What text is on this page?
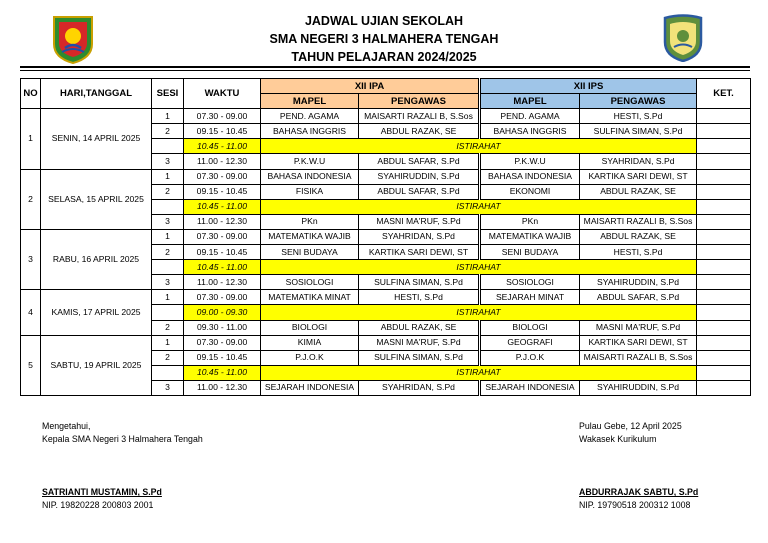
JADWAL UJIAN SEKOLAH
SMA NEGERI 3 HALMAHERA TENGAH
TAHUN PELAJARAN 2024/2025
NO	HARI,TANGGAL	SESI	WAKTU	XII IPA		XII IPS		KET.
				MAPEL	PENGAWAS	MAPEL	PENGAWAS	
1	SENIN, 14 APRIL 2025	1	07.30 - 09.00	PEND. AGAMA	MAISARTI RAZALI B, S.Sos	PEND. AGAMA	HESTI, S.Pd	
		2	09.15 - 10.45	BAHASA INGGRIS	ABDUL RAZAK, SE	BAHASA INGGRIS	SULFINA SIMAN, S.Pd	
			10.45 - 11.00	ISTIRAHAT				
		3	11.00 - 12.30	P.K.W.U	ABDUL SAFAR, S.Pd	P.K.W.U	SYAHRIDAN, S.Pd	
2	SELASA, 15 APRIL 2025	1	07.30 - 09.00	BAHASA INDONESIA	SYAHIRUDDIN, S.Pd	BAHASA INDONESIA	KARTIKA SARI DEWI, ST	
		2	09.15 - 10.45	FISIKA	ABDUL SAFAR, S.Pd	EKONOMI	ABDUL RAZAK, SE	
			10.45 - 11.00	ISTIRAHAT				
		3	11.00 - 12.30	PKn	MASNI MA'RUF, S.Pd	PKn	MAISARTI RAZALI B, S.Sos	
3	RABU, 16 APRIL 2025	1	07.30 - 09.00	MATEMATIKA WAJIB	SYAHRIDAN, S.Pd	MATEMATIKA WAJIB	ABDUL RAZAK, SE	
		2	09.15 - 10.45	SENI BUDAYA	KARTIKA SARI DEWI, ST	SENI BUDAYA	HESTI, S.Pd	
			10.45 - 11.00	ISTIRAHAT				
		3	11.00 - 12.30	SOSIOLOGI	SULFINA SIMAN, S.Pd	SOSIOLOGI	SYAHIRUDDIN, S.Pd	
4	KAMIS, 17 APRIL 2025	1	07.30 - 09.00	MATEMATIKA MINAT	HESTI, S.Pd	SEJARAH MINAT	ABDUL SAFAR, S.Pd	
			09.00 - 09.30	ISTIRAHAT				
		2	09.30 - 11.00	BIOLOGI	ABDUL RAZAK, SE	BIOLOGI	MASNI MA'RUF, S.Pd	
5	SABTU, 19 APRIL 2025	1	07.30 - 09.00	KIMIA	MASNI MA'RUF, S.Pd	GEOGRAFI	KARTIKA SARI DEWI, ST	
		2	09.15 - 10.45	P.J.O.K	SULFINA SIMAN, S.Pd	P.J.O.K	MAISARTI RAZALI B, S.Sos	
			10.45 - 11.00	ISTIRAHAT				
		3	11.00 - 12.30	SEJARAH INDONESIA	SYAHRIDAN, S.Pd	SEJARAH INDONESIA	SYAHIRUDDIN, S.Pd	
Mengetahui,
Kepala SMA Negeri 3 Halmahera Tengah
SATRIANTI MUSTAMIN, S.Pd
NIP. 19820228 200803 2001
Pulau Gebe, 12 April 2025
Wakasek Kurikulum
ABDURRAJAK SABTU, S.Pd
NIP. 19790518 200312 1008
